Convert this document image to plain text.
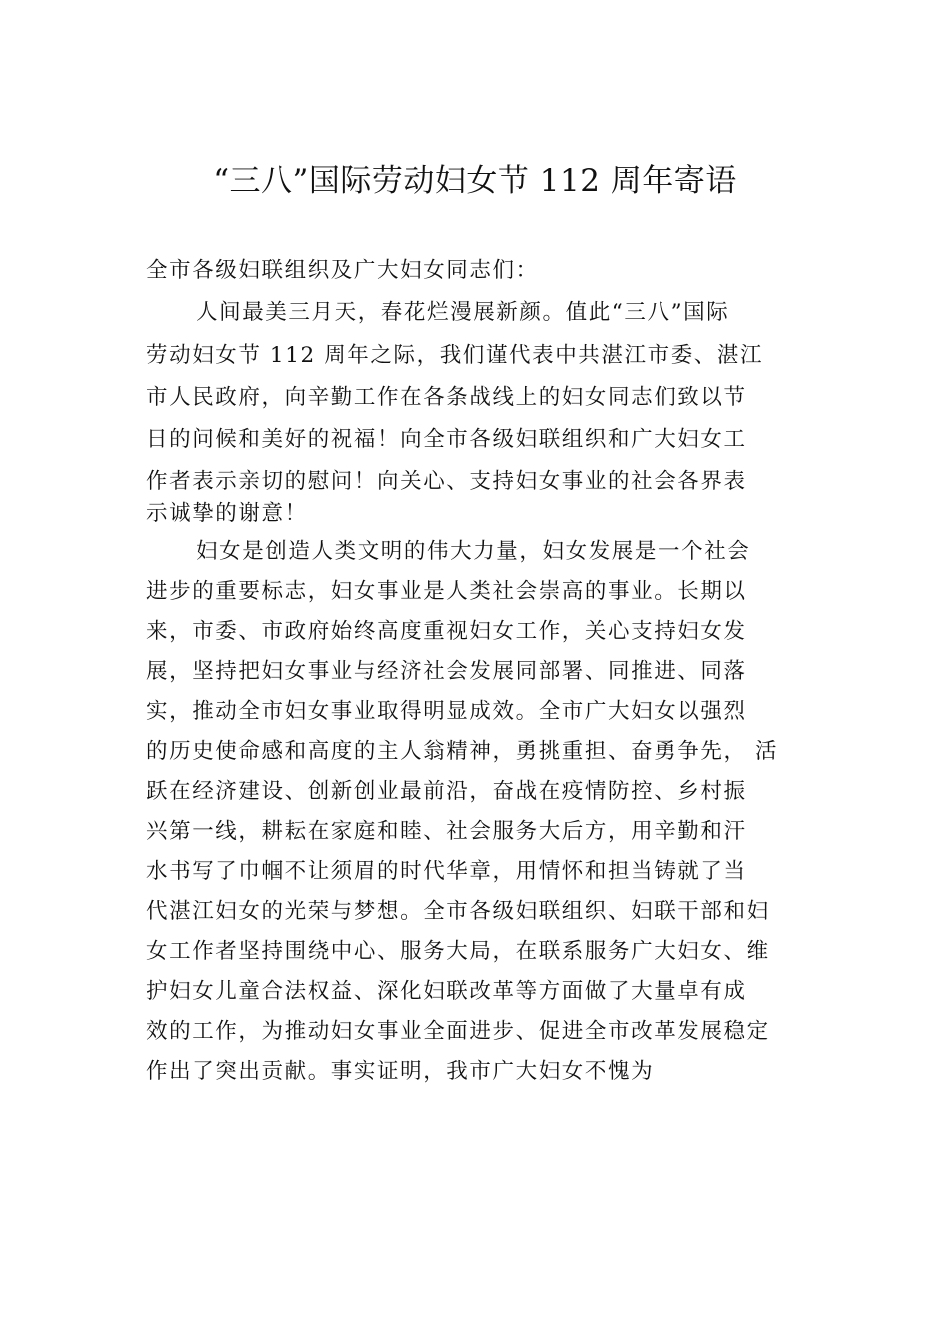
“三八”国际劳动妇女节 112 周年寄语
全市各级妇联组织及广大妇女同志们：
人间最美三月天，春花烂漫展新颜。值此“三八”国际
劳动妇女节 112 周年之际，我们谨代表中共湛江市委、湛江
市人民政府，向辛勤工作在各条战线上的妇女同志们致以节
日的问候和美好的祝福！向全市各级妇联组织和广大妇女工
作者表示亲切的慰问！向关心、支持妇女事业的社会各界表
示诚挚的谢意！
妇女是创造人类文明的伟大力量，妇女发展是一个社会
进步的重要标志，妇女事业是人类社会崇高的事业。长期以
来，市委、市政府始终高度重视妇女工作，关心支持妇女发
展，坚持把妇女事业与经济社会发展同部署、同推进、同落
实，推动全市妇女事业取得明显成效。全市广大妇女以强烈
的历史使命感和高度的主人翁精神，勇挑重担、奋勇争先， 活
跃在经济建设、创新创业最前沿，奋战在疫情防控、乡村振
兴第一线，耕耘在家庭和睦、社会服务大后方，用辛勤和汗
水书写了巾帼不让须眉的时代华章，用情怀和担当铸就了当
代湛江妇女的光荣与梦想。全市各级妇联组织、妇联干部和妇
女工作者坚持围绕中心、服务大局，在联系服务广大妇女、维
护妇女儿童合法权益、深化妇联改革等方面做了大量卓有成
效的工作，为推动妇女事业全面进步、促进全市改革发展稳定
作出了突出贡献。事实证明，我市广大妇女不愧为
